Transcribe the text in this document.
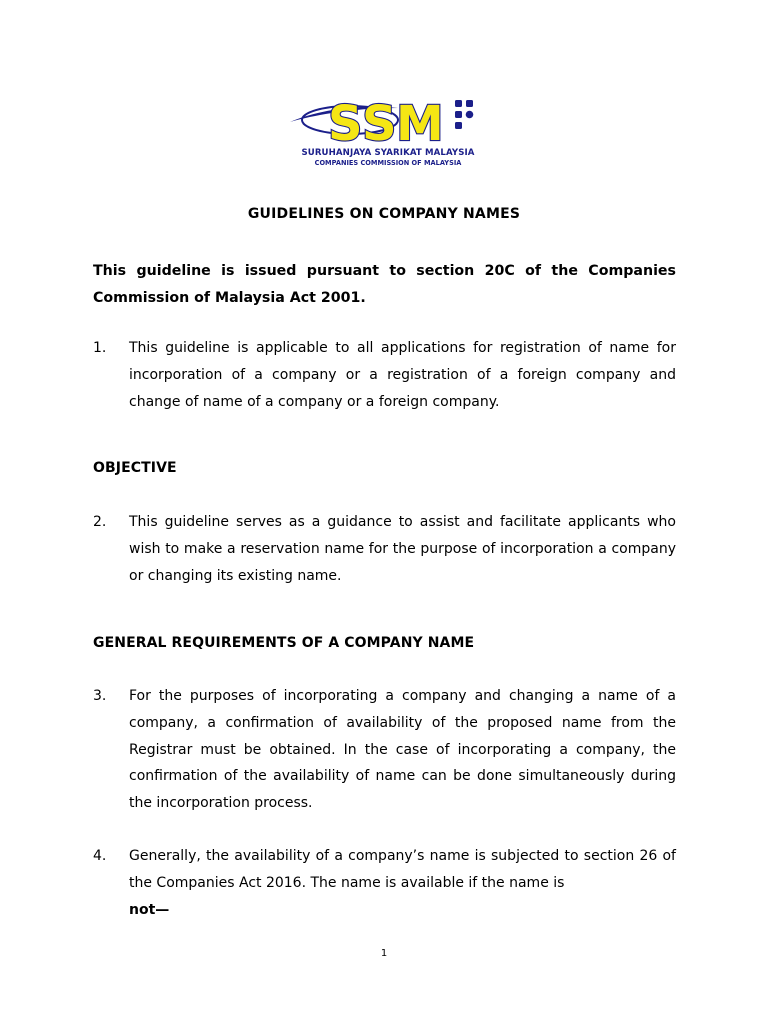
S S M
SURUHANJAYA SYARIKAT MALAYSIA
COMPANIES COMMISSION OF MALAYSIA
GUIDELINES ON COMPANY NAMES
This guideline is issued pursuant to section 20C of the Companies Commission of Malaysia Act 2001.
1. This guideline is applicable to all applications for registration of name for incorporation of a company or a registration of a foreign company and change of name of a company or a foreign company.
OBJECTIVE
2. This guideline serves as a guidance to assist and facilitate applicants who wish to make a reservation name for the purpose of incorporation a company or changing its existing name.
GENERAL REQUIREMENTS OF A COMPANY NAME
3. For the purposes of incorporating a company and changing a name of a company, a confirmation of availability of the proposed name from the Registrar must be obtained. In the case of incorporating a company, the confirmation of the availability of name can be done simultaneously during the incorporation process.
4. Generally, the availability of a company’s name is subjected to section 26 of the Companies Act 2016. The name is available if the name is
not—
1
